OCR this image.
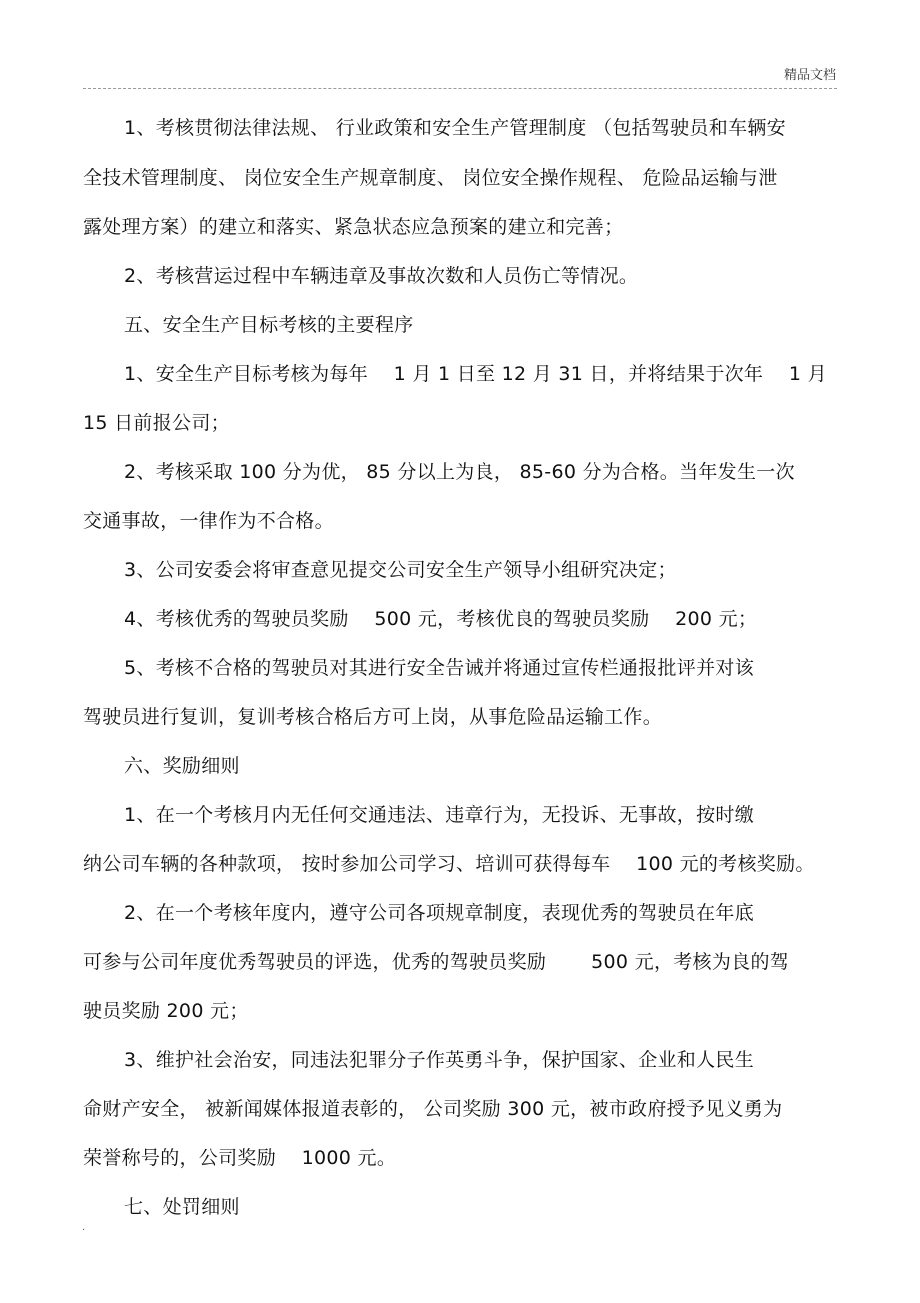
精品文档
1、考核贯彻法律法规、 行业政策和安全生产管理制度 （包括驾驶员和车辆安
全技术管理制度、 岗位安全生产规章制度、 岗位安全操作规程、 危险品运输与泄
露处理方案）的建立和落实、紧急状态应急预案的建立和完善；
2、考核营运过程中车辆违章及事故次数和人员伤亡等情况。
五、安全生产目标考核的主要程序
1、安全生产目标考核为每年 　1 月 1 日至 12 月 31 日，并将结果于次年 　1 月
15 日前报公司；
2、考核采取 100 分为优， 85 分以上为良， 85-60 分为合格。当年发生一次
交通事故，一律作为不合格。
3、公司安委会将审查意见提交公司安全生产领导小组研究决定；
4、考核优秀的驾驶员奖励 　500 元，考核优良的驾驶员奖励 　200 元；
5、考核不合格的驾驶员对其进行安全告诫并将通过宣传栏通报批评并对该
驾驶员进行复训，复训考核合格后方可上岗，从事危险品运输工作。
六、奖励细则
1、在一个考核月内无任何交通违法、违章行为，无投诉、无事故，按时缴
纳公司车辆的各种款项， 按时参加公司学习、培训可获得每车 　100 元的考核奖励。
2、在一个考核年度内，遵守公司各项规章制度，表现优秀的驾驶员在年底
可参与公司年度优秀驾驶员的评选，优秀的驾驶员奖励 　　500 元，考核为良的驾
驶员奖励 200 元；
3、维护社会治安，同违法犯罪分子作英勇斗争，保护国家、企业和人民生
命财产安全， 被新闻媒体报道表彰的， 公司奖励 300 元，被市政府授予见义勇为
荣誉称号的，公司奖励 　1000 元。
七、处罚细则
.
